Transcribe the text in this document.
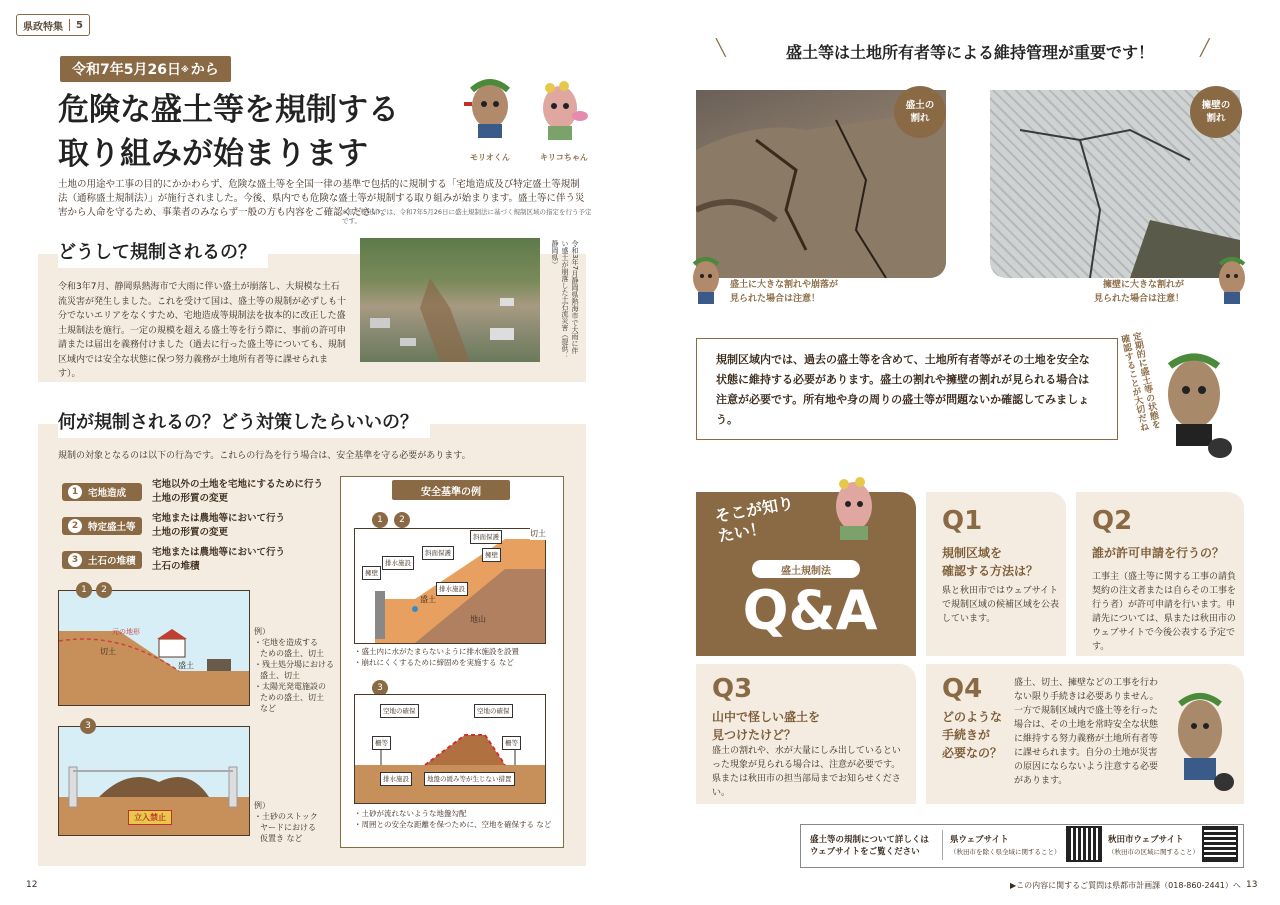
県政特集 5
令和7年5月26日 ※ から
危険な盛土等を規制する
取り組みが始まります	モリオくん	キリコちゃん
土地の用途や工事の目的にかかわらず、危険な盛土等を全国一律の基準で包括的に規制する「宅地造成及び特定盛土等規制法（通称盛土規制法）」が施行されました。今後、県内でも危険な盛土等が規制する取り組みが始まります。盛土等に伴う災害から人命を守るため、事業者のみならず一般の方も内容をご確認ください。
※県と秋田市では、令和7年5月26日に盛土規制法に基づく規制区域の指定を行う予定です。
どうして規制されるの？
令和3年7月、静岡県熱海市で大雨に伴い盛土が崩落し、大規模な土石流災害が発生しました。これを受けて国は、盛土等の規制が必ずしも十分でないエリアをなくすため、宅地造成等規制法を抜本的に改正した盛土規制法を施行。一定の規模を超える盛土等を行う際に、事前の許可申請または届出を義務付けました（過去に行った盛土等についても、規制区域内では安全な状態に保つ努力義務が土地所有者等に課せられます）。
令和3年7月静岡県熱海市で大雨に伴い盛土が崩落した土石流災害（提供：静岡県）
何が規制されるの？どう対策したらいいの？
規制の対象となるのは以下の行為です。これらの行為を行う場合は、安全基準を守る必要があります。
1	宅地造成
宅地以外の土地を宅地にするために行う
土地の形質の変更
2	特定盛土等
宅地または農地等において行う
土地の形質の変更
3	土石の堆積
宅地または農地等において行う
土石の堆積
1	2
元の地形
切土
盛土
例）
・宅地を造成する
ための盛土、切土
・残土処分場における
盛土、切土
・太陽光発電施設の
ための盛土、切土
など
3
立入禁止
例）
・土砂のストック
ヤードにおける
仮置き など
安全基準の例
1	2
盛土
地山
切土
擁壁
排水施設
斜面保護
斜面保護
擁壁
排水施設
・盛土内に水がたまらないように排水施設を設置
・崩れにくくするために締固めを実施する など
3
空地の確保	空地の確保
柵等	柵等
排水施設	地盤の緩み等が生じない措置
・土砂が流れないような地盤勾配
・周囲との安全な距離を保つために、空地を確保する など
12
盛土等は土地所有者等による維持管理が重要です！
╲	╱
盛土の
割れ
盛土に大きな割れや崩落が
見られた場合は注意！
擁壁の
割れ
擁壁に大きな割れが
見られた場合は注意！
規制区域内では、過去の盛土等を含めて、土地所有者等がその土地を安全な状態に維持する必要があります。盛土の割れや擁壁の割れが見られる場合は注意が必要です。所有地や身の周りの盛土等が問題ないか確認してみましょう。	定期的に盛土等の状態を確認することが大切だね
そこが知りたい！
盛土規制法
Q&A
Q1
規制区域を
確認する方法は？
県と秋田市ではウェブサイトで規制区域の候補区域を公表しています。
Q2
誰が許可申請を行うの？
工事主（盛土等に関する工事の請負契約の注文者または自らその工事を行う者）が許可申請を行います。申請先については、県または秋田市のウェブサイトで今後公表する予定です。
Q3
山中で怪しい盛土を
見つけたけど？
盛土の割れや、水が大量にしみ出しているといった現象が見られる場合は、注意が必要です。県または秋田市の担当部局までお知らせください。
Q4
どのような
手続きが
必要なの？
盛土、切土、擁壁などの工事を行わない限り手続きは必要ありません。一方で規制区域内で盛土等を行った場合は、その土地を常時安全な状態に維持する努力義務が土地所有者等に課せられます。自分の土地が災害の原因にならないよう注意する必要があります。
盛土等の規制について詳しくは
ウェブサイトをご覧ください
県ウェブサイト
（秋田市を除く県全域に関すること）
秋田市ウェブサイト
（秋田市の区域に関すること）
▶この内容に関するご質問は県都市計画課（018-860-2441）へ 13
